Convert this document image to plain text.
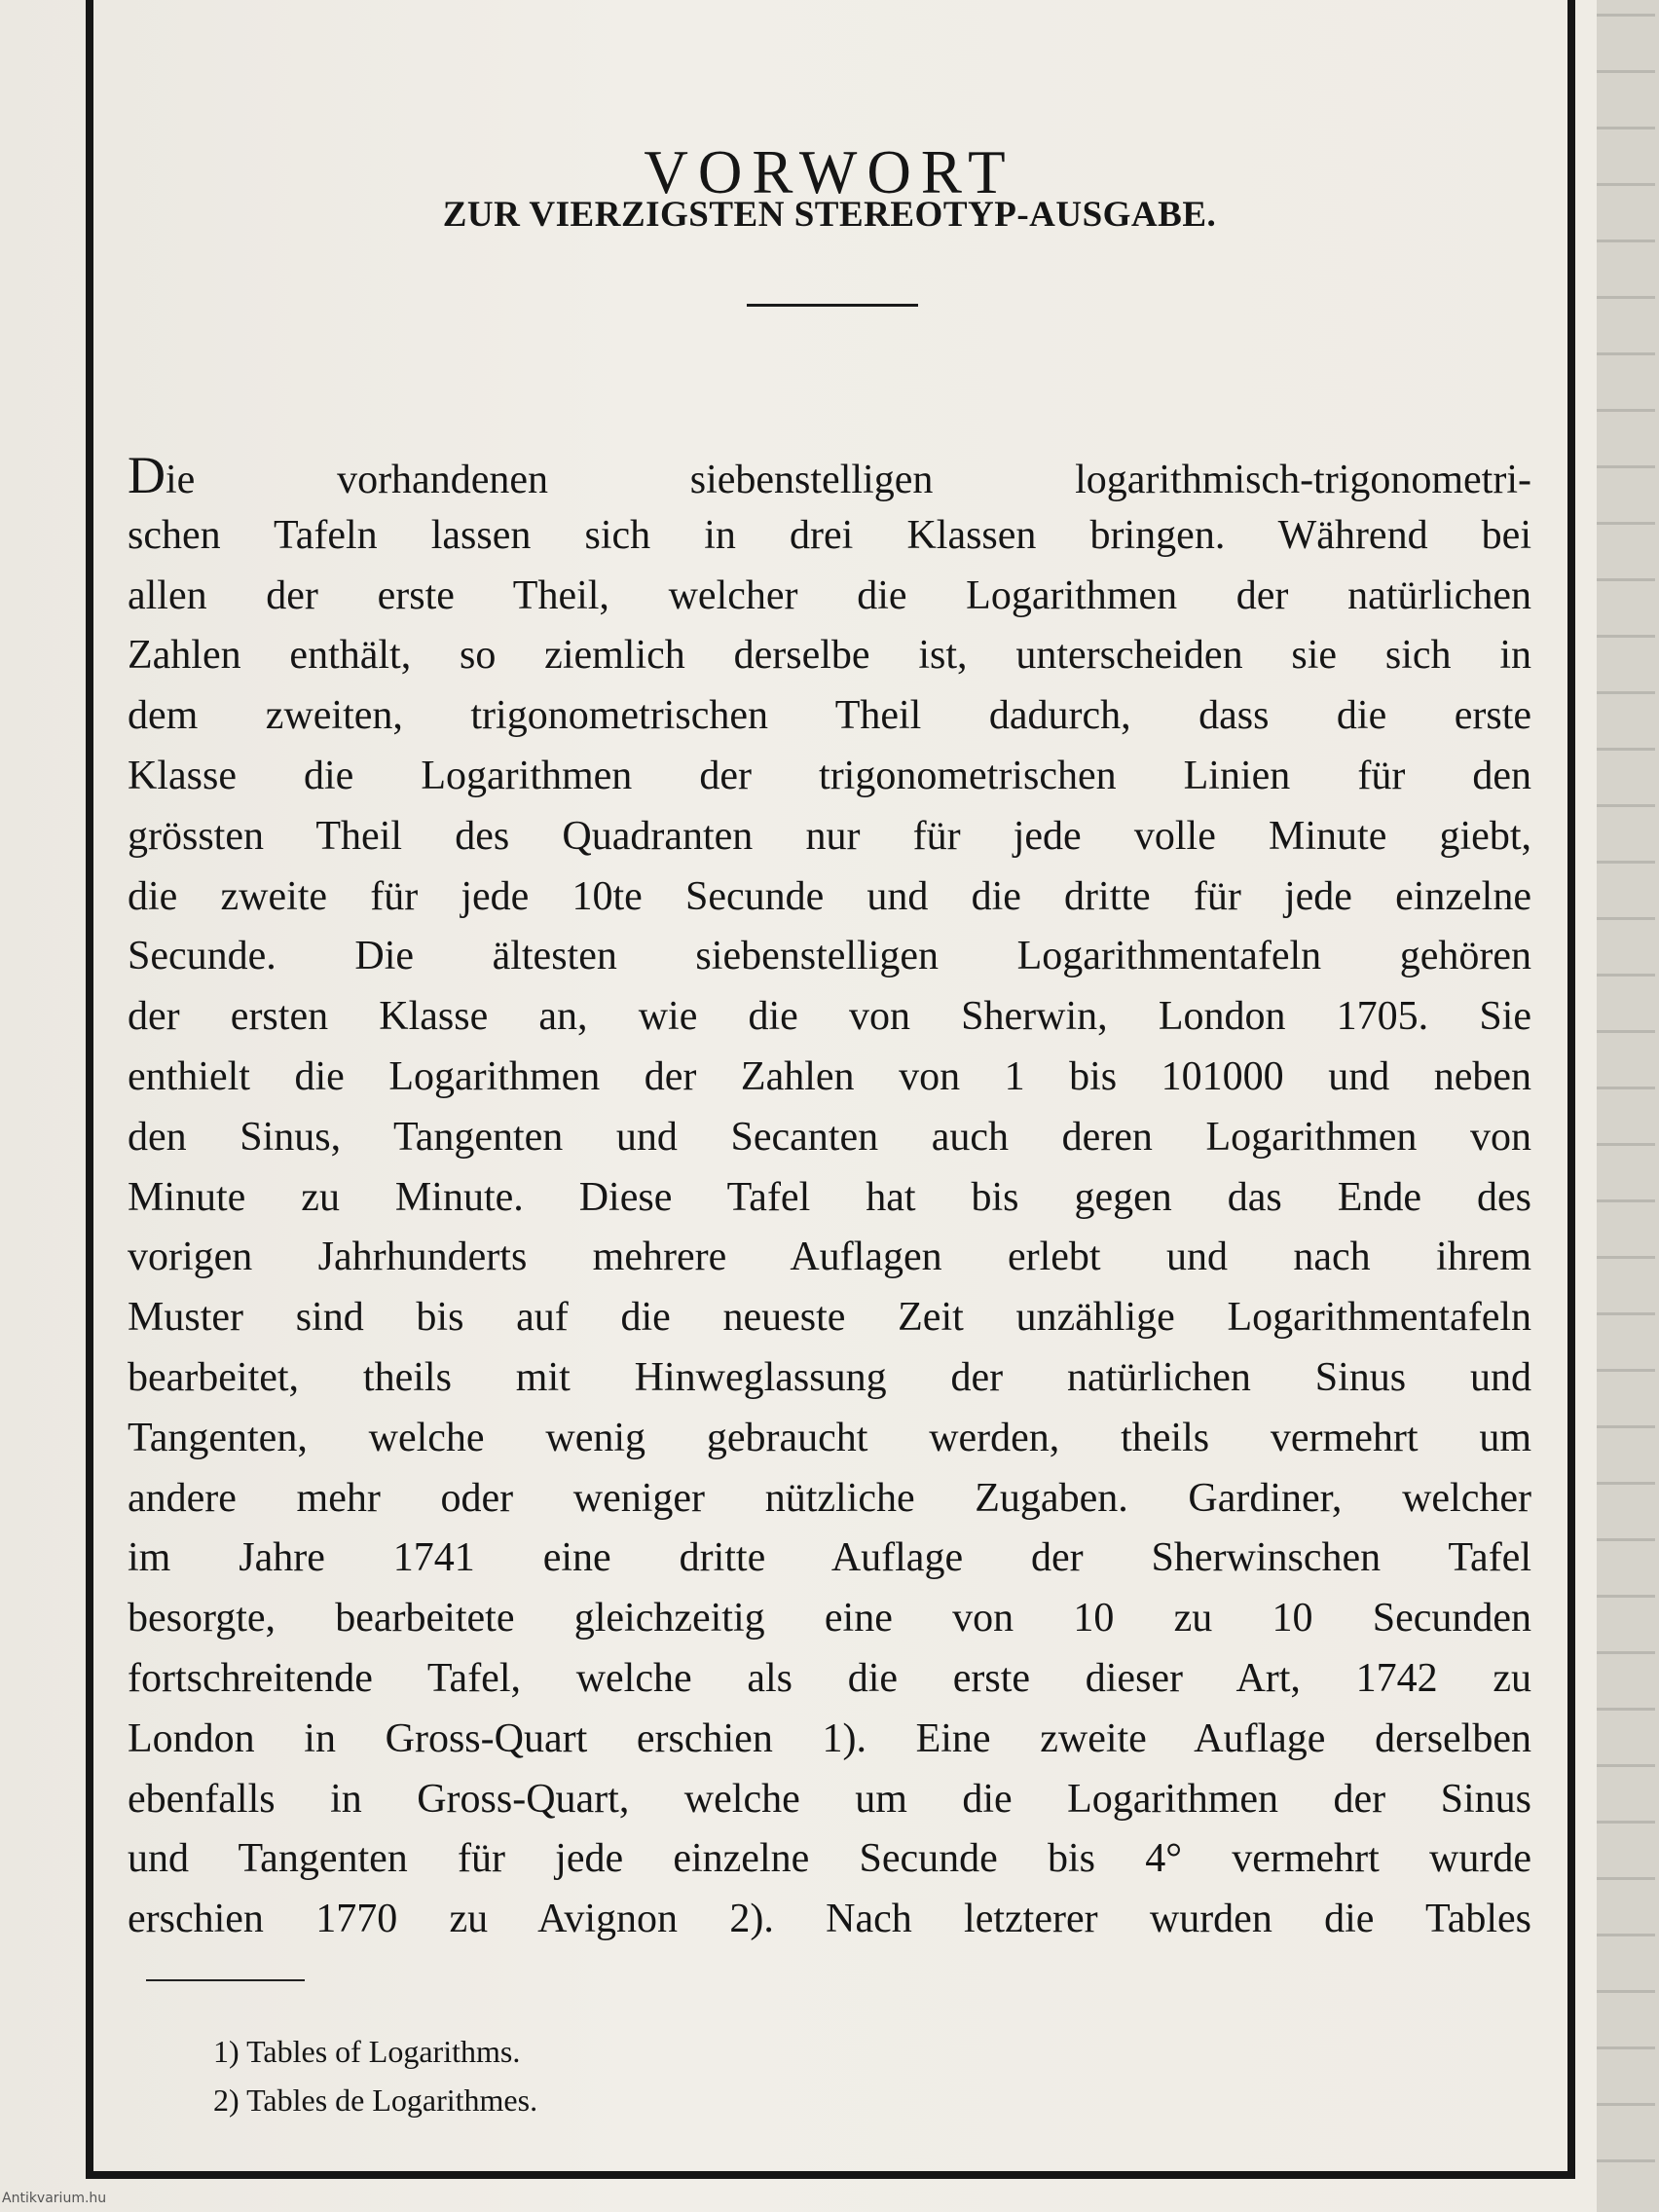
VORWORT
ZUR VIERZIGSTEN STEREOTYP-AUSGABE.
Die vorhandenen siebenstelligen logarithmisch-trigonometri-
schen Tafeln lassen sich in drei Klassen bringen. Während bei
allen der erste Theil, welcher die Logarithmen der natürlichen
Zahlen enthält, so ziemlich derselbe ist, unterscheiden sie sich in
dem zweiten, trigonometrischen Theil dadurch, dass die erste
Klasse die Logarithmen der trigonometrischen Linien für den
grössten Theil des Quadranten nur für jede volle Minute giebt,
die zweite für jede 10te Secunde und die dritte für jede einzelne
Secunde. Die ältesten siebenstelligen Logarithmentafeln gehören
der ersten Klasse an, wie die von Sherwin, London 1705. Sie
enthielt die Logarithmen der Zahlen von 1 bis 101000 und neben
den Sinus, Tangenten und Secanten auch deren Logarithmen von
Minute zu Minute. Diese Tafel hat bis gegen das Ende des
vorigen Jahrhunderts mehrere Auflagen erlebt und nach ihrem
Muster sind bis auf die neueste Zeit unzählige Logarithmentafeln
bearbeitet, theils mit Hinweglassung der natürlichen Sinus und
Tangenten, welche wenig gebraucht werden, theils vermehrt um
andere mehr oder weniger nützliche Zugaben. Gardiner, welcher
im Jahre 1741 eine dritte Auflage der Sherwinschen Tafel
besorgte, bearbeitete gleichzeitig eine von 10 zu 10 Secunden
fortschreitende Tafel, welche als die erste dieser Art, 1742 zu
London in Gross-Quart erschien 1). Eine zweite Auflage derselben
ebenfalls in Gross-Quart, welche um die Logarithmen der Sinus
und Tangenten für jede einzelne Secunde bis 4° vermehrt wurde
erschien 1770 zu Avignon 2). Nach letzterer wurden die Tables
1) Tables of Logarithms.
2) Tables de Logarithmes.
Antikvarium.hu
